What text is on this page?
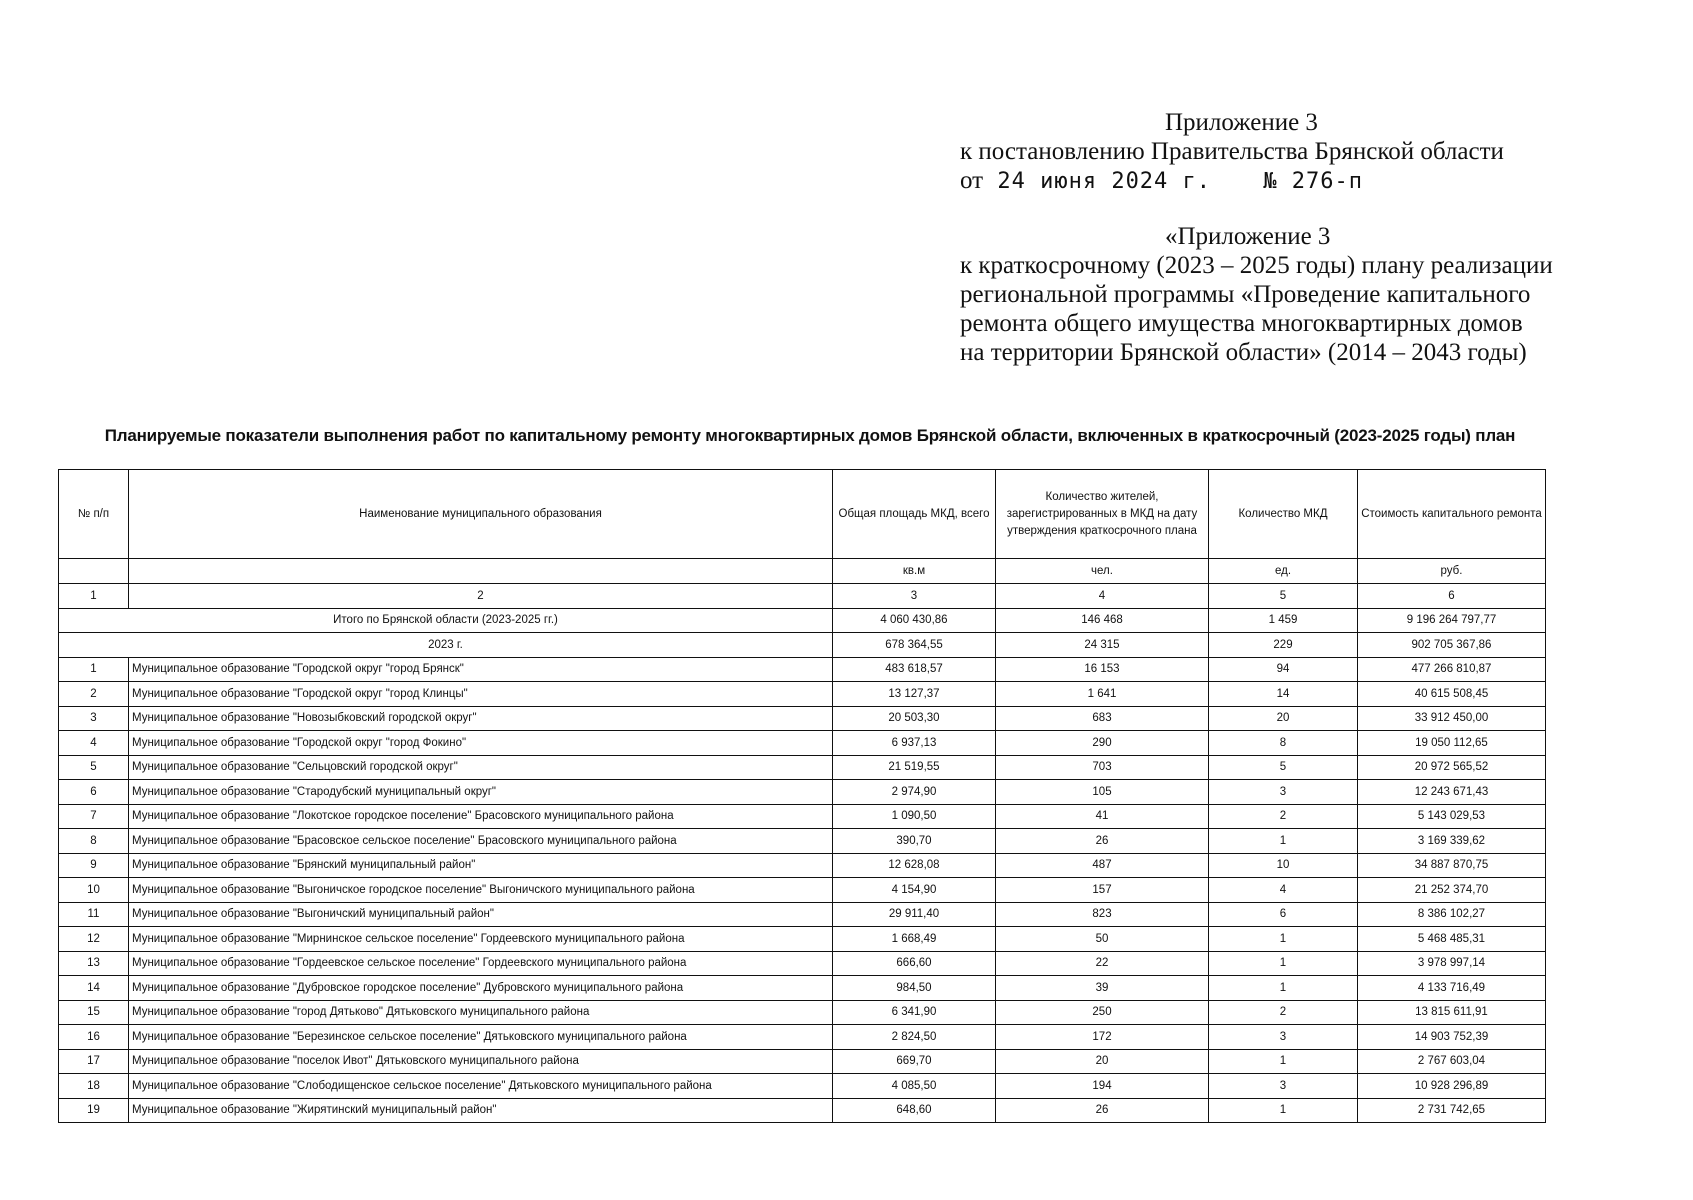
Приложение 3
к постановлению Правительства Брянской области
от 24 июня 2024 г. № 276-п
«Приложение 3
к краткосрочному (2023 – 2025 годы) плану реализации
региональной программы «Проведение капитального
ремонта общего имущества многоквартирных домов
на территории Брянской области» (2014 – 2043 годы)
Планируемые показатели выполнения работ по капитальному ремонту многоквартирных домов Брянской области, включенных в краткосрочный (2023-2025 годы) план
№ п/п	Наименование муниципального образования	Общая площадь МКД, всего	Количество жителей, зарегистрированных в МКД на дату утверждения краткосрочного плана	Количество МКД	Стоимость капитального ремонта
		кв.м	чел.	ед.	руб.
1	2	3	4	5	6
Итого по Брянской области (2023-2025 гг.)		4 060 430,86	146 468	1 459	9 196 264 797,77
2023 г.		678 364,55	24 315	229	902 705 367,86
1	Муниципальное образование "Городской округ "город Брянск"	483 618,57	16 153	94	477 266 810,87
2	Муниципальное образование "Городской округ "город Клинцы"	13 127,37	1 641	14	40 615 508,45
3	Муниципальное образование "Новозыбковский городской округ"	20 503,30	683	20	33 912 450,00
4	Муниципальное образование "Городской округ "город Фокино"	6 937,13	290	8	19 050 112,65
5	Муниципальное образование "Сельцовский городской округ"	21 519,55	703	5	20 972 565,52
6	Муниципальное образование "Стародубский муниципальный округ"	2 974,90	105	3	12 243 671,43
7	Муниципальное образование "Локотское городское поселение" Брасовского муниципального района	1 090,50	41	2	5 143 029,53
8	Муниципальное образование "Брасовское сельское поселение" Брасовского муниципального района	390,70	26	1	3 169 339,62
9	Муниципальное образование "Брянский муниципальный район"	12 628,08	487	10	34 887 870,75
10	Муниципальное образование "Выгоничское городское поселение" Выгоничского муниципального района	4 154,90	157	4	21 252 374,70
11	Муниципальное образование "Выгоничский муниципальный район"	29 911,40	823	6	8 386 102,27
12	Муниципальное образование "Мирнинское сельское поселение" Гордеевского муниципального района	1 668,49	50	1	5 468 485,31
13	Муниципальное образование "Гордеевское сельское поселение" Гордеевского муниципального района	666,60	22	1	3 978 997,14
14	Муниципальное образование "Дубровское городское поселение" Дубровского муниципального района	984,50	39	1	4 133 716,49
15	Муниципальное образование "город Дятьково" Дятьковского муниципального района	6 341,90	250	2	13 815 611,91
16	Муниципальное образование "Березинское сельское поселение" Дятьковского муниципального района	2 824,50	172	3	14 903 752,39
17	Муниципальное образование "поселок Ивот" Дятьковского муниципального района	669,70	20	1	2 767 603,04
18	Муниципальное образование "Слободищенское сельское поселение" Дятьковского муниципального района	4 085,50	194	3	10 928 296,89
19	Муниципальное образование "Жирятинский муниципальный район"	648,60	26	1	2 731 742,65
